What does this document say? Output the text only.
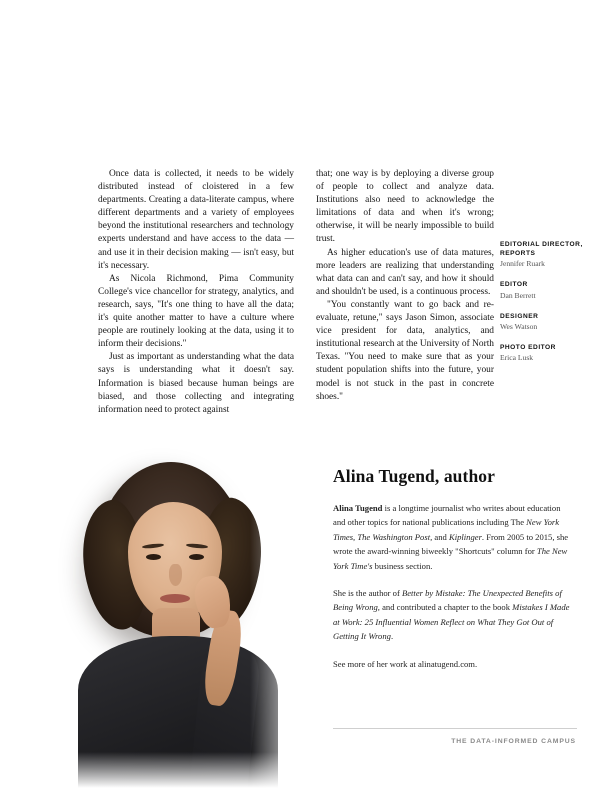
Once data is collected, it needs to be widely distributed instead of cloistered in a few departments. Creating a data-literate campus, where different departments and a variety of employees beyond the institutional researchers and technology experts understand and have access to the data — and use it in their decision making — isn't easy, but it's necessary.

As Nicola Richmond, Pima Community College's vice chancellor for strategy, analytics, and research, says, "It's one thing to have all the data; it's quite another matter to have a culture where people are routinely looking at the data, using it to inform their decisions."

Just as important as understanding what the data says is understanding what it doesn't say. Information is biased because human beings are biased, and those collecting and integrating information need to protect against

that; one way is by deploying a diverse group of people to collect and analyze data. Institutions also need to acknowledge the limitations of data and when it's wrong; otherwise, it will be nearly impossible to build trust.

As higher education's use of data matures, more leaders are realizing that understanding what data can and can't say, and how it should and shouldn't be used, is a continuous process.

"You constantly want to go back and re-evaluate, retune," says Jason Simon, associate vice president for data, analytics, and institutional research at the University of North Texas. "You need to make sure that as your student population shifts into the future, your model is not stuck in the past in concrete shoes."

EDITORIAL DIRECTOR, REPORTS
Jennifer Ruark
EDITOR
Dan Berrett
DESIGNER
Wes Watson
PHOTO EDITOR
Erica Lusk
Alina Tugend, author

Alina Tugend is a longtime journalist who writes about education and other topics for national publications including The New York Times, The Washington Post, and Kiplinger. From 2005 to 2015, she wrote the award-winning biweekly "Shortcuts" column for The New York Time's business section.

She is the author of Better by Mistake: The Unexpected Benefits of Being Wrong, and contributed a chapter to the book Mistakes I Made at Work: 25 Influential Women Reflect on What They Got Out of Getting It Wrong.

See more of her work at alinatugend.com.

THE DATA-INFORMED CAMPUS
